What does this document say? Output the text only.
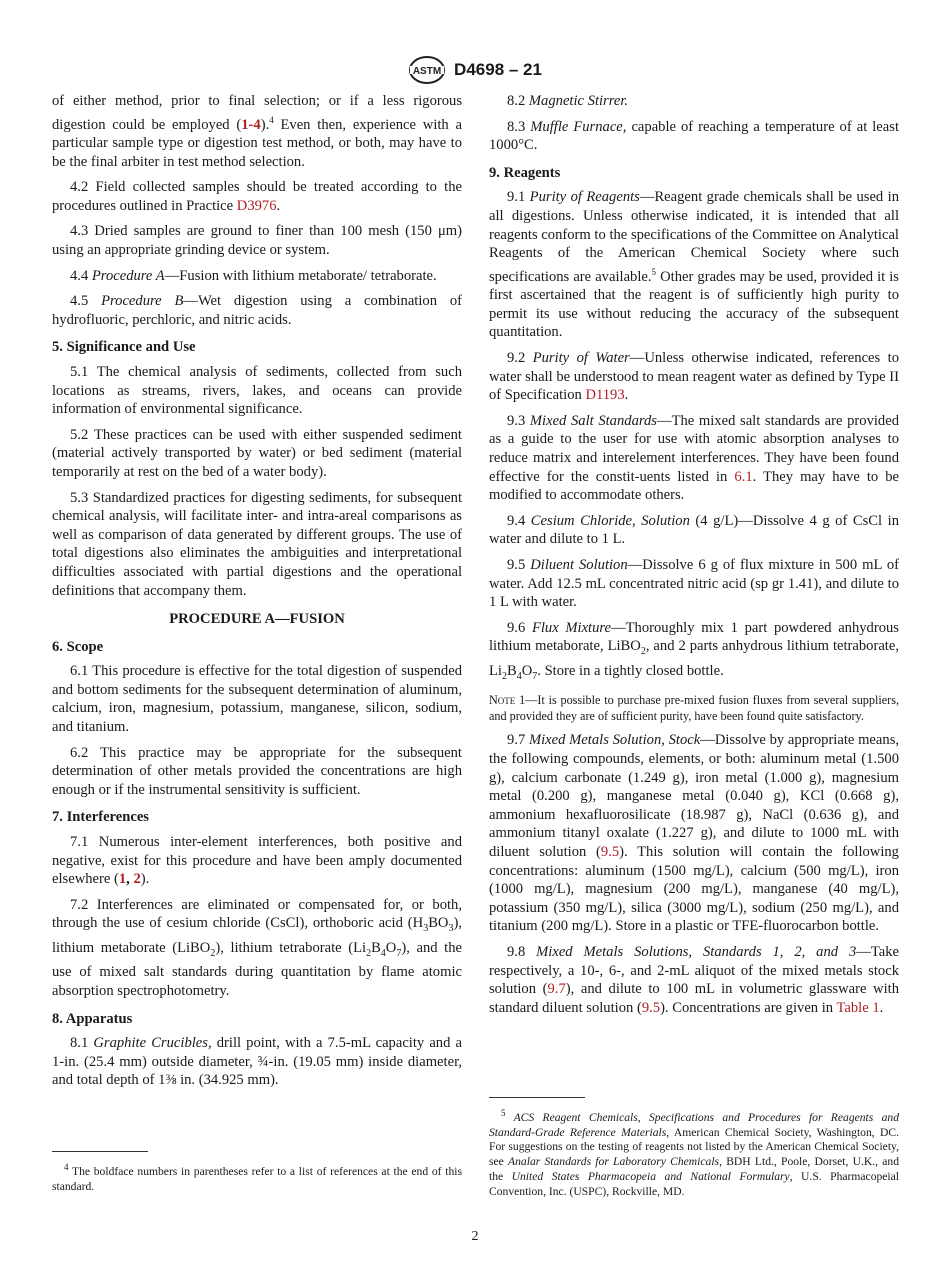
ASTM D4698 – 21

of either method, prior to final selection; or if a less rigorous digestion could be employed (1-4).$^4$ Even then, experience with a particular sample type or digestion test method, or both, may have to be the final arbiter in test method selection.

4.2 Field collected samples should be treated according to the procedures outlined in Practice D3976.

4.3 Dried samples are ground to finer than 100 mesh (150 μm) using an appropriate grinding device or system.

4.4 Procedure A—Fusion with lithium metaborate/ tetraborate.

4.5 Procedure B—Wet digestion using a combination of hydrofluoric, perchloric, and nitric acids.

5. Significance and Use

5.1 The chemical analysis of sediments, collected from such locations as streams, rivers, lakes, and oceans can provide information of environmental significance.

5.2 These practices can be used with either suspended sediment (material actively transported by water) or bed sediment (material temporarily at rest on the bed of a water body).

5.3 Standardized practices for digesting sediments, for subsequent chemical analysis, will facilitate inter- and intra-areal comparisons as well as comparison of data generated by different groups. The use of total digestions also eliminates the ambiguities and interpretational difficulties associated with partial digestions and the operational definitions that accompany them.

PROCEDURE A—FUSION
6. Scope

6.1 This procedure is effective for the total digestion of suspended and bottom sediments for the subsequent determination of aluminum, calcium, iron, magnesium, potassium, manganese, silicon, sodium, and titanium.

6.2 This practice may be appropriate for the subsequent determination of other metals provided the concentrations are high enough or if the instrumental sensitivity is sufficient.

7. Interferences

7.1 Numerous inter-element interferences, both positive and negative, exist for this procedure and have been amply documented elsewhere (1, 2).

7.2 Interferences are eliminated or compensated for, or both, through the use of cesium chloride (CsCl), orthoboric acid $(H_3BO_3)$, lithium metaborate (LiBO$_2$), lithium tetraborate $(Li_2B_4O_7)$, and the use of mixed salt standards during quantitation by flame atomic absorption spectrophotometry.

8. Apparatus

8.1 Graphite Crucibles, drill point, with a 7.5-mL capacity and a 1-in. (25.4 mm) outside diameter, ¾-in. (19.05 mm) inside diameter, and total depth of 1⅜ in. (34.925 mm).

$^4$ The boldface numbers in parentheses refer to a list of references at the end of this standard.

8.2 Magnetic Stirrer.

8.3 Muffle Furnace, capable of reaching a temperature of at least 1000°C.

9. Reagents

9.1 Purity of Reagents—Reagent grade chemicals shall be used in all digestions. Unless otherwise indicated, it is intended that all reagents conform to the specifications of the Committee on Analytical Reagents of the American Chemical Society where such specifications are available.$^5$ Other grades may be used, provided it is first ascertained that the reagent is of sufficiently high purity to permit its use without reducing the accuracy of the subsequent quantitation.

9.2 Purity of Water—Unless otherwise indicated, references to water shall be understood to mean reagent water as defined by Type II of Specification D1193.

9.3 Mixed Salt Standards—The mixed salt standards are provided as a guide to the user for use with atomic absorption analyses to reduce matrix and interelement interferences. They have been found effective for the constit-uents listed in 6.1. They may have to be modified to accommodate others.

9.4 Cesium Chloride, Solution (4 g/L)—Dissolve 4 g of CsCl in water and dilute to 1 L.

9.5 Diluent Solution—Dissolve 6 g of flux mixture in 500 mL of water. Add 12.5 mL concentrated nitric acid (sp gr 1.41), and dilute to 1 L with water.

9.6 Flux Mixture—Thoroughly mix 1 part powdered anhydrous lithium metaborate, LiBO$_2$, and 2 parts anhydrous lithium tetraborate, $Li_2B_4O_7$. Store in a tightly closed bottle.

Note 1—It is possible to purchase pre-mixed fusion fluxes from several suppliers, and provided they are of sufficient purity, have been found quite satisfactory.

9.7 Mixed Metals Solution, Stock—Dissolve by appropriate means, the following compounds, elements, or both: aluminum metal (1.500 g), calcium carbonate (1.249 g), iron metal (1.000 g), magnesium metal (0.200 g), manganese metal (0.040 g), KCl (0.668 g), ammonium hexafluorosilicate (18.987 g), NaCl (0.636 g), and ammonium titanyl oxalate (1.227 g), and dilute to 1000 mL with diluent solution (9.5). This solution will contain the following concentrations: aluminum (1500 mg/L), calcium (500 mg/L), iron (1000 mg/L), magnesium (200 mg/L), manganese (40 mg/L), potassium (350 mg/L), silica (3000 mg/L), sodium (250 mg/L), and titanium (200 mg/L). Store in a plastic or TFE-fluorocarbon bottle.

9.8 Mixed Metals Solutions, Standards 1, 2, and 3—Take respectively, a 10-, 6-, and 2-mL aliquot of the mixed metals stock solution (9.7), and dilute to 100 mL in volumetric glassware with standard diluent solution (9.5). Concentrations are given in Table 1.

$^5$ ACS Reagent Chemicals, Specifications and Procedures for Reagents and Standard-Grade Reference Materials, American Chemical Society, Washington, DC. For suggestions on the testing of reagents not listed by the American Chemical Society, see Analar Standards for Laboratory Chemicals, BDH Ltd., Poole, Dorset, U.K., and the United States Pharmacopeia and National Formulary, U.S. Pharmacopeial Convention, Inc. (USPC), Rockville, MD.

2
